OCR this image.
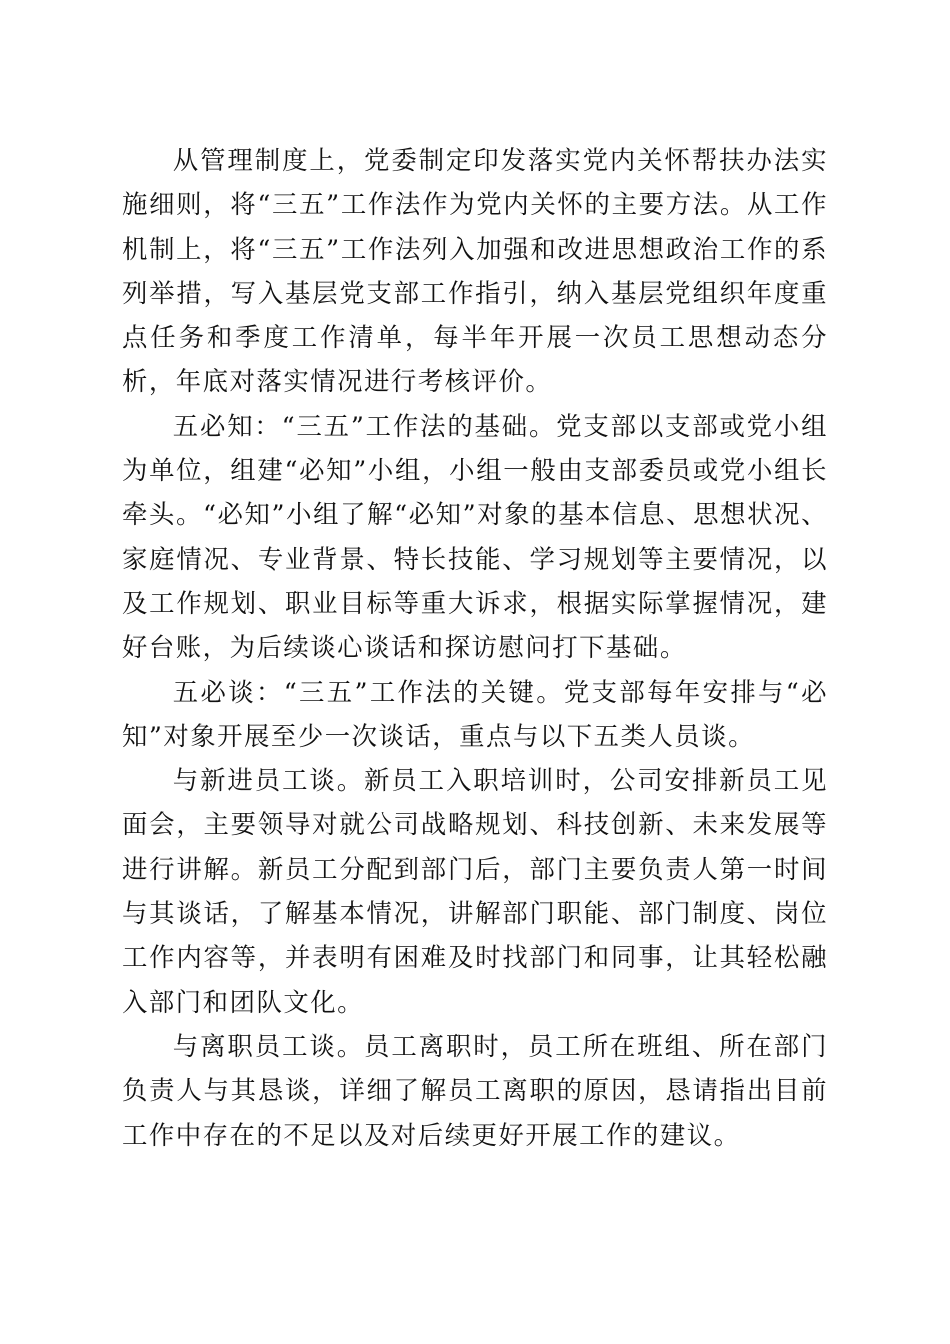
从管理制度上，党委制定印发落实党内关怀帮扶办法实施细则，将“三五”工作法作为党内关怀的主要方法。从工作机制上，将“三五”工作法列入加强和改进思想政治工作的系列举措，写入基层党支部工作指引，纳入基层党组织年度重点任务和季度工作清单，每半年开展一次员工思想动态分析，年底对落实情况进行考核评价。

五必知：“三五”工作法的基础。党支部以支部或党小组为单位，组建“必知”小组，小组一般由支部委员或党小组长牵头。“必知”小组了解“必知”对象的基本信息、思想状况、家庭情况、专业背景、特长技能、学习规划等主要情况，以及工作规划、职业目标等重大诉求，根据实际掌握情况，建好台账，为后续谈心谈话和探访慰问打下基础。

五必谈：“三五”工作法的关键。党支部每年安排与“必知”对象开展至少一次谈话，重点与以下五类人员谈。

与新进员工谈。新员工入职培训时，公司安排新员工见面会，主要领导对就公司战略规划、科技创新、未来发展等进行讲解。新员工分配到部门后，部门主要负责人第一时间与其谈话，了解基本情况，讲解部门职能、部门制度、岗位工作内容等，并表明有困难及时找部门和同事，让其轻松融入部门和团队文化。

与离职员工谈。员工离职时，员工所在班组、所在部门负责人与其恳谈，详细了解员工离职的原因，恳请指出目前工作中存在的不足以及对后续更好开展工作的建议。
